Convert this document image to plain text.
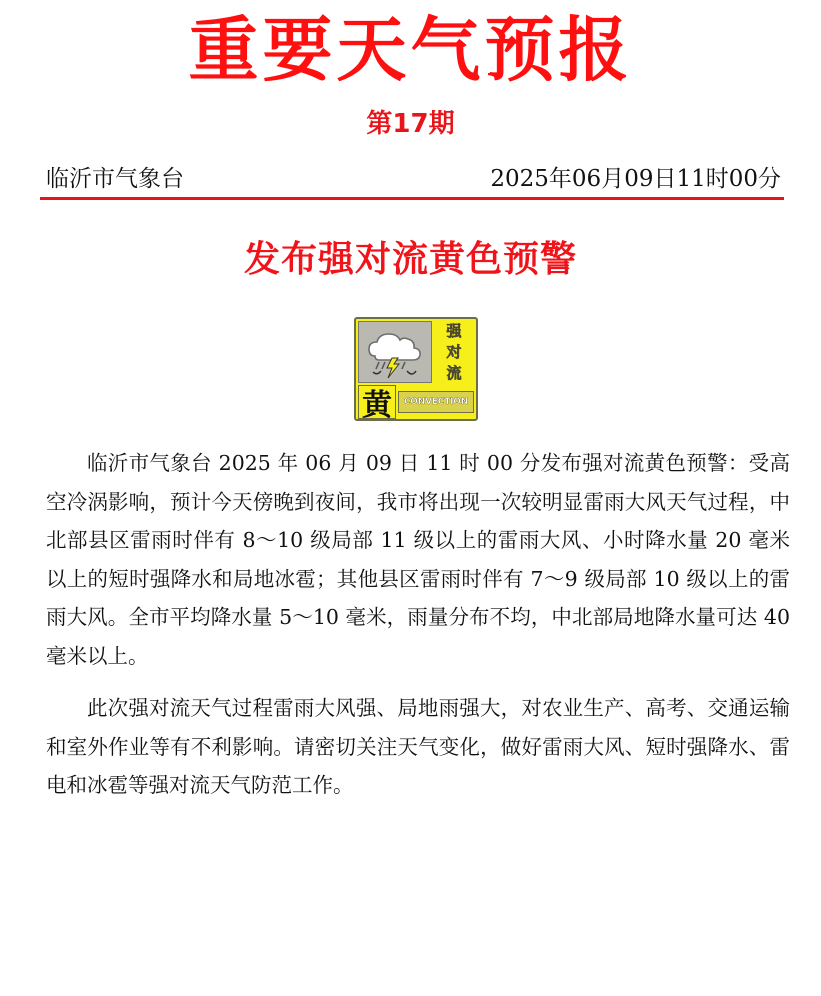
重要天气预报
第17期
临沂市气象台	2025年06月09日11时00分
发布强对流黄色预警
强
对
流
黄	CONVECTION

临沂市气象台 2025 年 06 月 09 日 11 时 00 分发布强对流黄色预警：受高空冷涡影响，预计今天傍晚到夜间，我市将出现一次较明显雷雨大风天气过程，中北部县区雷雨时伴有 8～10 级局部 11 级以上的雷雨大风、小时降水量 20 毫米以上的短时强降水和局地冰雹；其他县区雷雨时伴有 7～9 级局部 10 级以上的雷雨大风。全市平均降水量 5～10 毫米，雨量分布不均，中北部局地降水量可达 40 毫米以上。

此次强对流天气过程雷雨大风强、局地雨强大，对农业生产、高考、交通运输和室外作业等有不利影响。请密切关注天气变化，做好雷雨大风、短时强降水、雷电和冰雹等强对流天气防范工作。
